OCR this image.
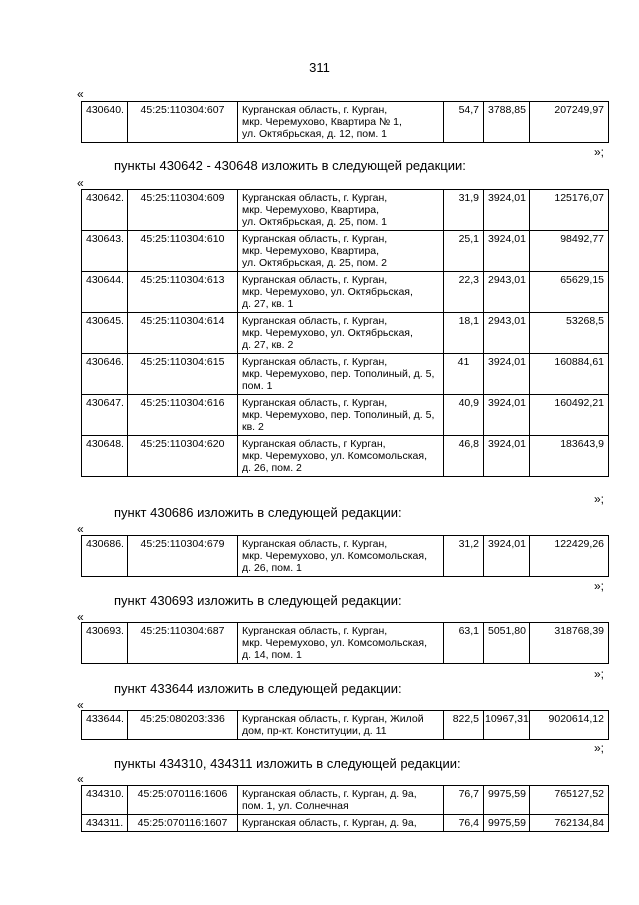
311
«
430640.	45:25:110304:607	Курганская область, г. Курган,
мкр. Черемухово, Квартира № 1,
ул. Октябрьская, д. 12, пом. 1	54,7	3788,85	207249,97
»;
пункты 430642 - 430648 изложить в следующей редакции:
«
430642.	45:25:110304:609	Курганская область, г. Курган,
мкр. Черемухово, Квартира,
ул. Октябрьская, д. 25, пом. 1	31,9	3924,01	125176,07
430643.	45:25:110304:610	Курганская область, г. Курган,
мкр. Черемухово, Квартира,
ул. Октябрьская, д. 25, пом. 2	25,1	3924,01	98492,77
430644.	45:25:110304:613	Курганская область, г. Курган,
мкр. Черемухово, ул. Октябрьская,
д. 27, кв. 1	22,3	2943,01	65629,15
430645.	45:25:110304:614	Курганская область, г. Курган,
мкр. Черемухово, ул. Октябрьская,
д. 27, кв. 2	18,1	2943,01	53268,5
430646.	45:25:110304:615	Курганская область, г. Курган,
мкр. Черемухово, пер. Тополиный, д. 5,
пом. 1	41	3924,01	160884,61
430647.	45:25:110304:616	Курганская область, г. Курган,
мкр. Черемухово, пер. Тополиный, д. 5,
кв. 2	40,9	3924,01	160492,21
430648.	45:25:110304:620	Курганская область, г Курган,
мкр. Черемухово, ул. Комсомольская,
д. 26, пом. 2	46,8	3924,01	183643,9
»;
пункт 430686 изложить в следующей редакции:
«
430686.	45:25:110304:679	Курганская область, г. Курган,
мкр. Черемухово, ул. Комсомольская,
д. 26, пом. 1	31,2	3924,01	122429,26
»;
пункт 430693 изложить в следующей редакции:
«
430693.	45:25:110304:687	Курганская область, г. Курган,
мкр. Черемухово, ул. Комсомольская,
д. 14, пом. 1	63,1	5051,80	318768,39
»;
пункт 433644 изложить в следующей редакции:
«
433644.	45:25:080203:336	Курганская область, г. Курган, Жилой
дом, пр-кт. Конституции, д. 11	822,5	10967,31	9020614,12
»;
пункты 434310, 434311 изложить в следующей редакции:
«
434310.	45:25:070116:1606	Курганская область, г. Курган, д. 9а,
пом. 1, ул. Солнечная	76,7	9975,59	765127,52
434311.	45:25:070116:1607	Курганская область, г. Курган, д. 9а,	76,4	9975,59	762134,84
